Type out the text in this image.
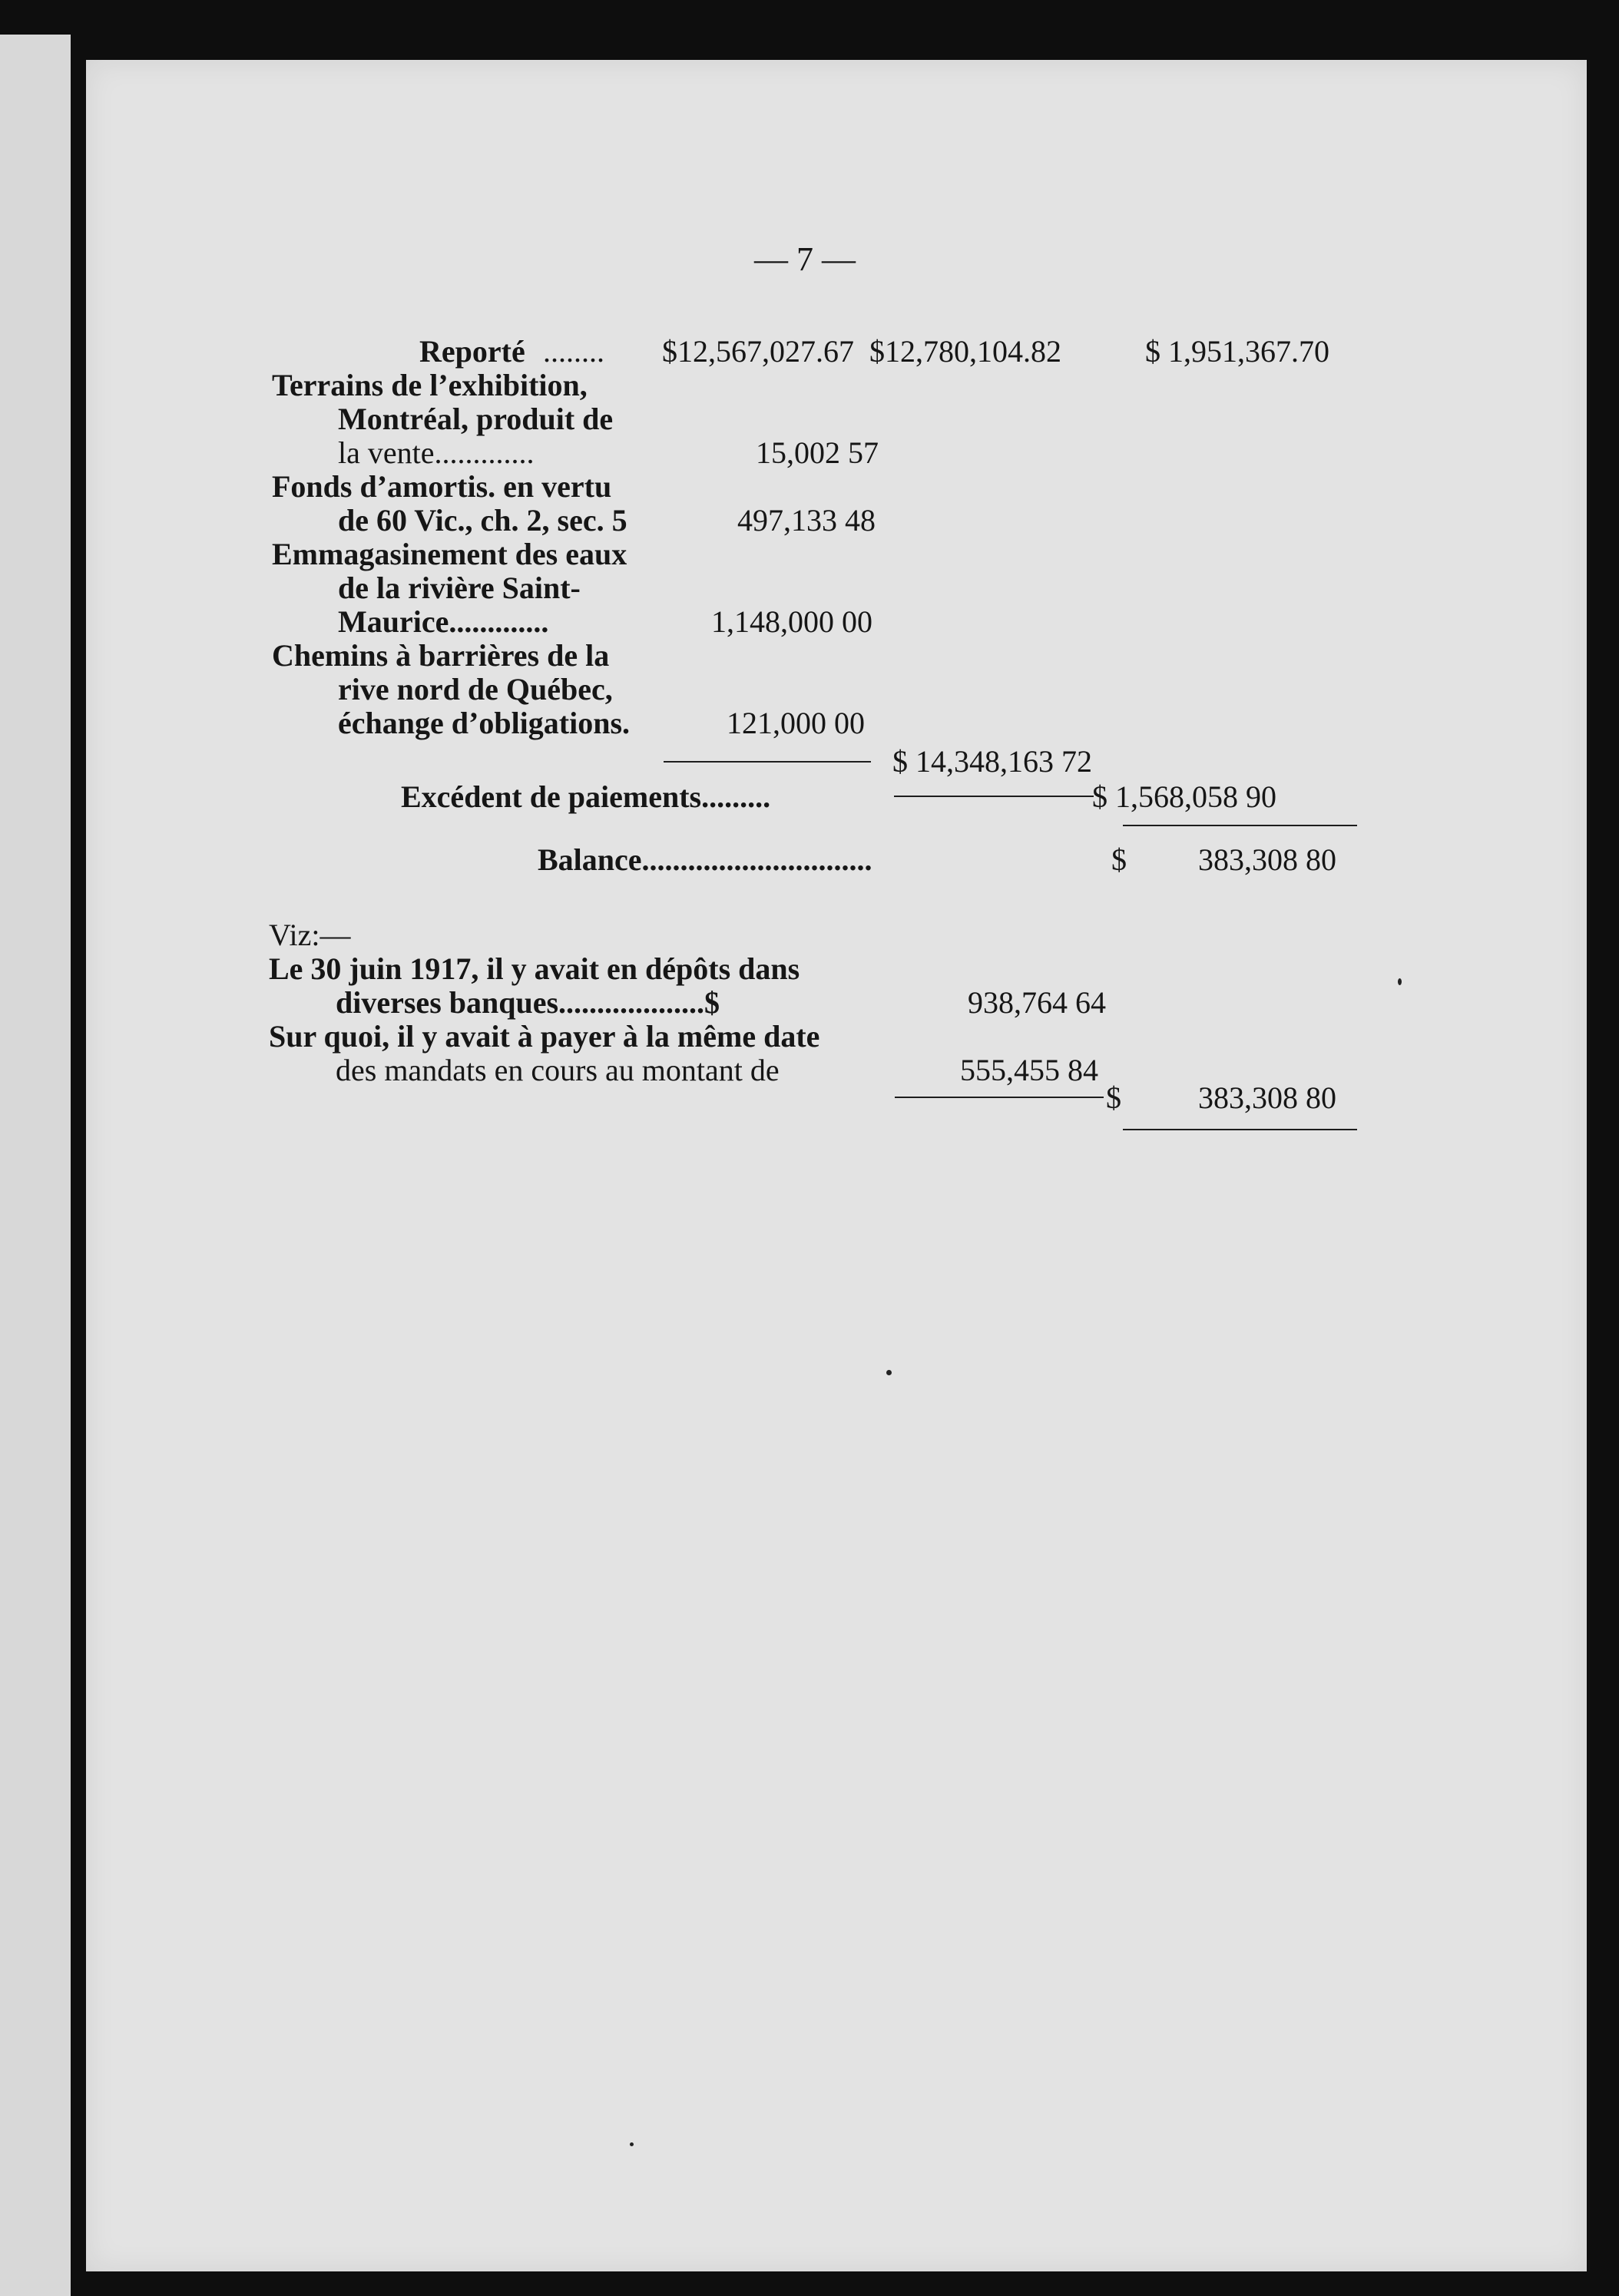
— 7 —
Reporté ........ $12,567,027.67 $12,780,104.82	$ 1,951,367.70
Terrains de l’exhibition,
Montréal, produit de
la vente.............	15,002 57
Fonds d’amortis. en vertu
de 60 Vic., ch. 2, sec. 5	497,133 48
Emmagasinement des eaux
de la rivière Saint-
Maurice.............	1,148,000 00
Chemins à barrières de la
rive nord de Québec,
échange d’obligations.	121,000 00
$ 14,348,163 72
Excédent de paiements.........	$ 1,568,058 90
Balance..............................	$ 383,308 80
Viz:—
Le 30 juin 1917, il y avait en dépôts dans
diverses banques...................$	938,764 64
Sur quoi, il y avait à payer à la même date
des mandats en cours au montant de	555,455 84
$	383,308 80
